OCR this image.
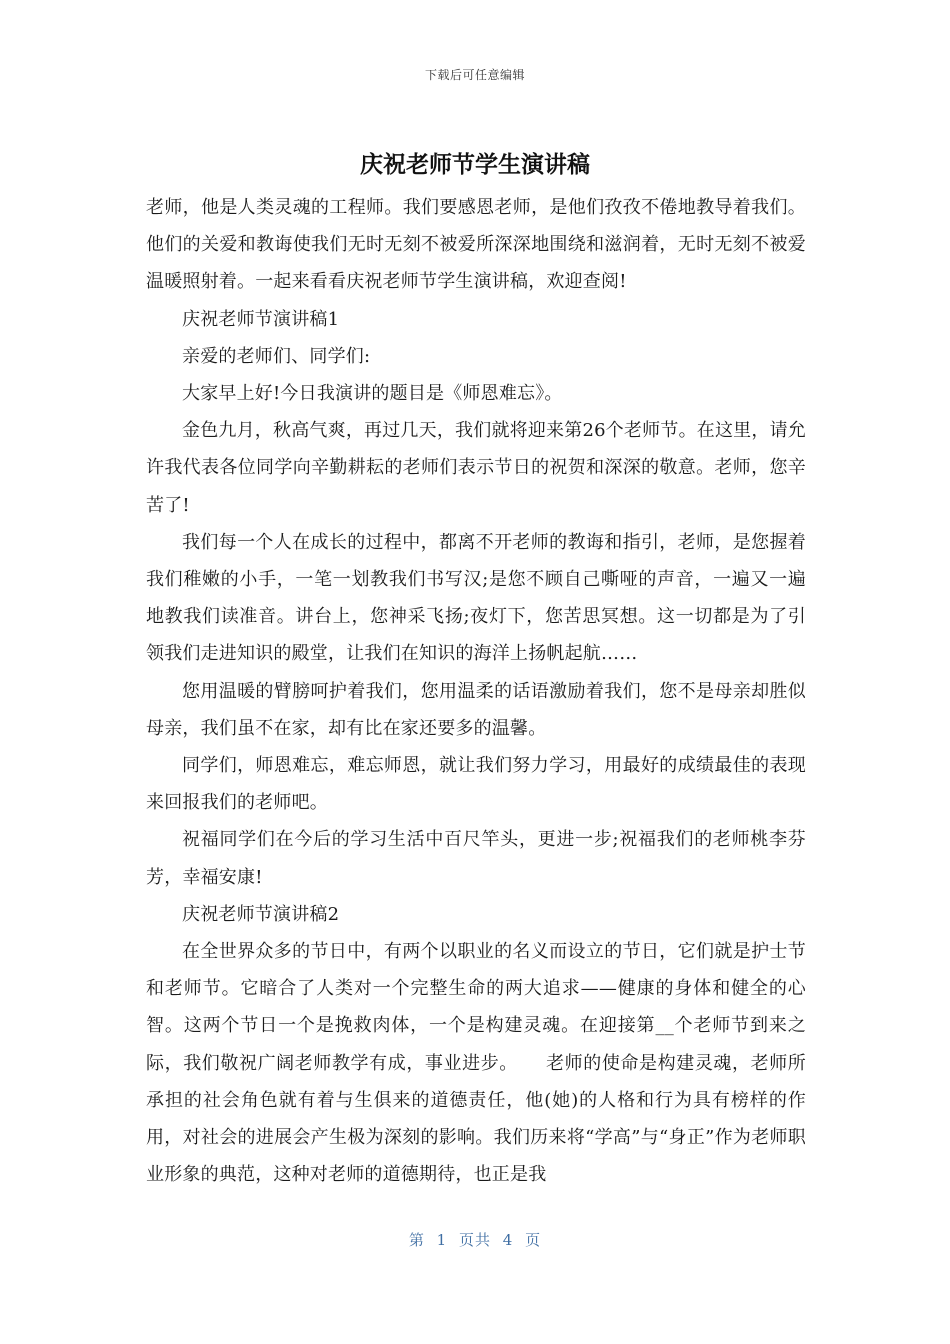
下载后可任意编辑
庆祝老师节学生演讲稿

老师，他是人类灵魂的工程师。我们要感恩老师，是他们孜孜不倦地教导着我们。他们的关爱和教诲使我们无时无刻不被爱所深深地围绕和滋润着，无时无刻不被爱温暖照射着。一起来看看庆祝老师节学生演讲稿，欢迎查阅!

庆祝老师节演讲稿1

亲爱的老师们、同学们:

大家早上好!今日我演讲的题目是《师恩难忘》。

金色九月，秋高气爽，再过几天，我们就将迎来第26个老师节。在这里，请允许我代表各位同学向辛勤耕耘的老师们表示节日的祝贺和深深的敬意。老师，您辛苦了!

我们每一个人在成长的过程中，都离不开老师的教诲和指引，老师，是您握着我们稚嫩的小手，一笔一划教我们书写汉;是您不顾自己嘶哑的声音，一遍又一遍地教我们读准音。讲台上，您神采飞扬;夜灯下，您苦思冥想。这一切都是为了引领我们走进知识的殿堂，让我们在知识的海洋上扬帆起航……

您用温暖的臂膀呵护着我们，您用温柔的话语激励着我们，您不是母亲却胜似母亲，我们虽不在家，却有比在家还要多的温馨。

同学们，师恩难忘，难忘师恩，就让我们努力学习，用最好的成绩最佳的表现来回报我们的老师吧。

祝福同学们在今后的学习生活中百尺竿头，更进一步;祝福我们的老师桃李芬芳，幸福安康!

庆祝老师节演讲稿2

在全世界众多的节日中，有两个以职业的名义而设立的节日，它们就是护士节和老师节。它暗合了人类对一个完整生命的两大追求——健康的身体和健全的心智。这两个节日一个是挽救肉体，一个是构建灵魂。在迎接第__个老师节到来之际，我们敬祝广阔老师教学有成，事业进步。　　老师的使命是构建灵魂，老师所承担的社会角色就有着与生俱来的道德责任，他(她)的人格和行为具有榜样的作用，对社会的进展会产生极为深刻的影响。我们历来将“学高”与“身正”作为老师职业形象的典范，这种对老师的道德期待，也正是我

第 1 页共 4 页
